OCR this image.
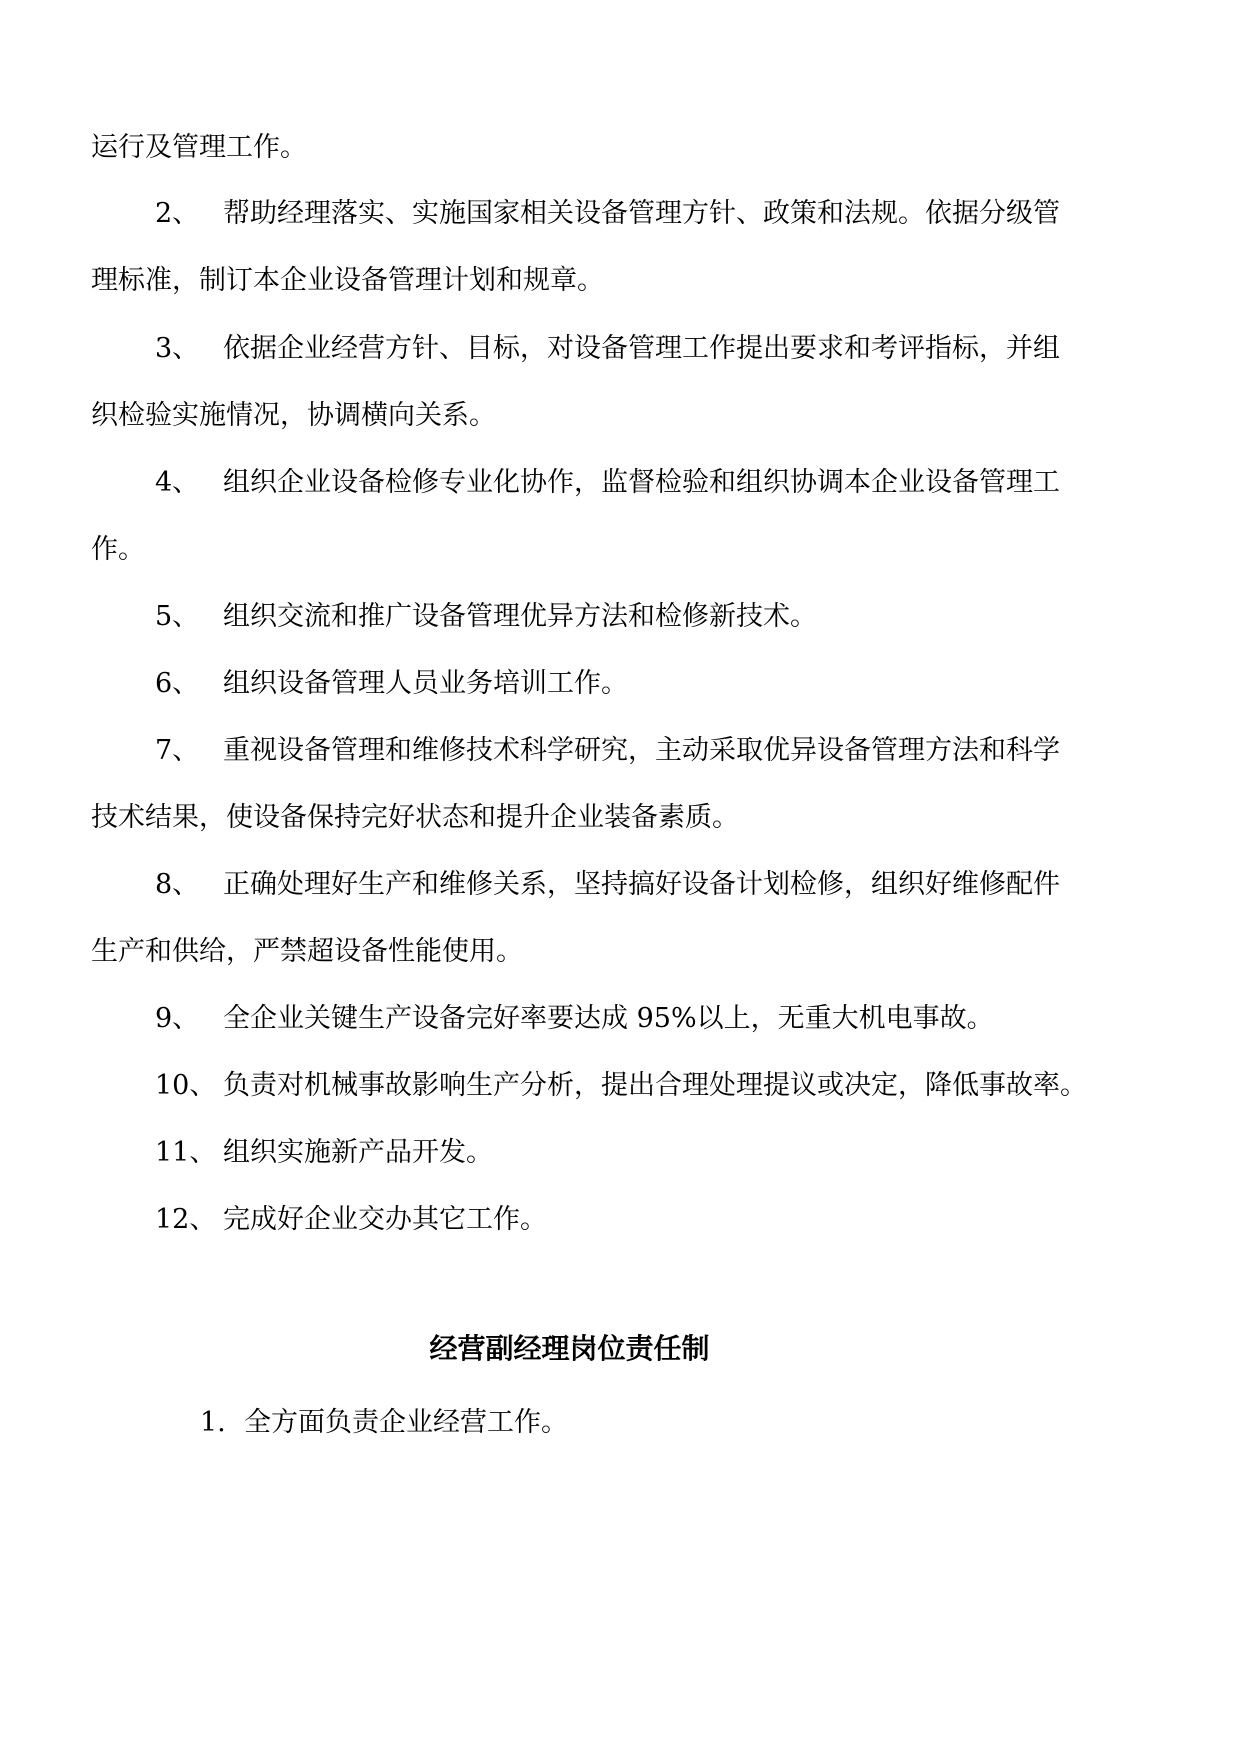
运行及管理工作。
2、 帮助经理落实、实施国家相关设备管理方针、政策和法规。依据分级管
理标准，制订本企业设备管理计划和规章。
3、 依据企业经营方针、目标，对设备管理工作提出要求和考评指标，并组
织检验实施情况，协调横向关系。
4、 组织企业设备检修专业化协作，监督检验和组织协调本企业设备管理工
作。
5、 组织交流和推广设备管理优异方法和检修新技术。
6、 组织设备管理人员业务培训工作。
7、 重视设备管理和维修技术科学研究，主动采取优异设备管理方法和科学
技术结果，使设备保持完好状态和提升企业装备素质。
8、 正确处理好生产和维修关系，坚持搞好设备计划检修，组织好维修配件
生产和供给，严禁超设备性能使用。
9、 全企业关键生产设备完好率要达成 95%以上，无重大机电事故。
10、 负责对机械事故影响生产分析，提出合理处理提议或决定，降低事故率。
11、 组织实施新产品开发。
12、 完成好企业交办其它工作。
经营副经理岗位责任制
1. 全方面负责企业经营工作。
